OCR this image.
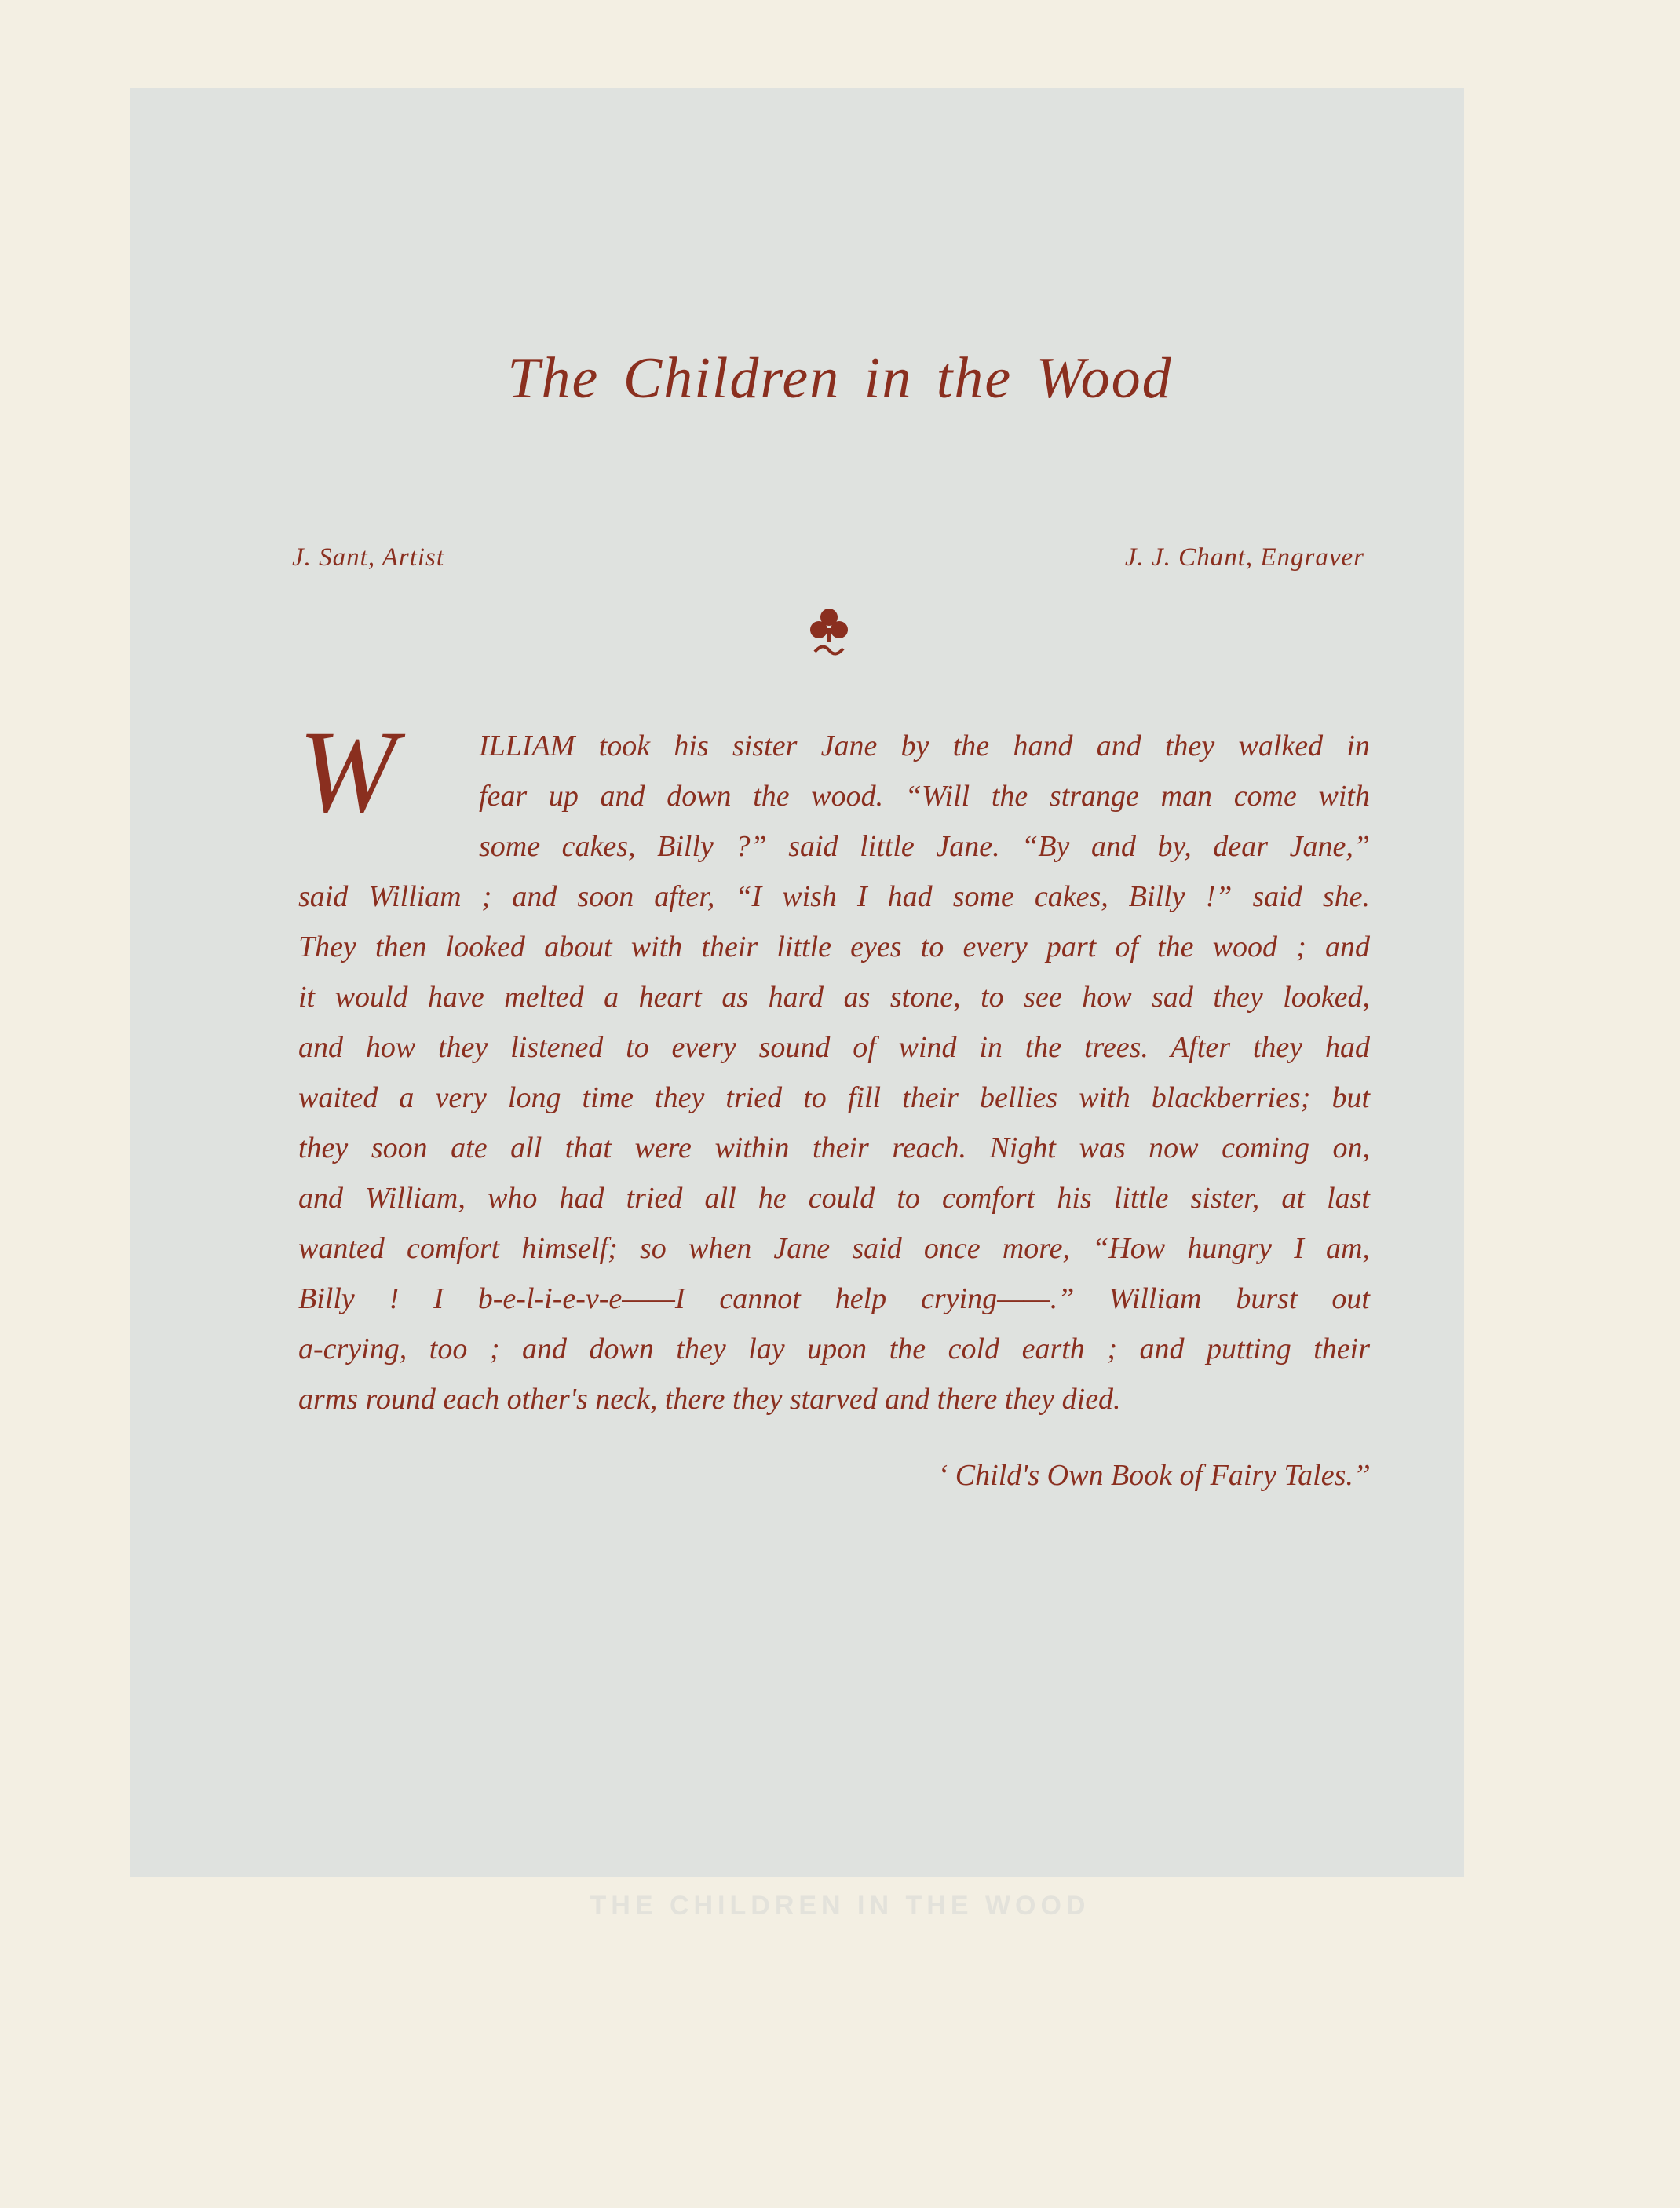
The Children in the Wood
J. Sant, Artist	J. J. Chant, Engraver
W	ILLIAM took his sister Jane by the hand and they walked in
fear up and down the wood. “Will the strange man come with
some cakes, Billy ?” said little Jane. “By and by, dear Jane,”
said William ; and soon after, “I wish I had some cakes, Billy !” said she.
They then looked about with their little eyes to every part of the wood ; and
it would have melted a heart as hard as stone, to see how sad they looked,
and how they listened to every sound of wind in the trees. After they had
waited a very long time they tried to fill their bellies with blackberries; but
they soon ate all that were within their reach. Night was now coming on,
and William, who had tried all he could to comfort his little sister, at last
wanted comfort himself; so when Jane said once more, “How hungry I am,
Billy ! I b-e-l-i-e-v-e——I cannot help crying——.” William burst out
a-crying, too ; and down they lay upon the cold earth ; and putting their
arms round each other's neck, there they starved and there they died.
‘ Child's Own Book of Fairy Tales.’’
THE CHILDREN IN THE WOOD
